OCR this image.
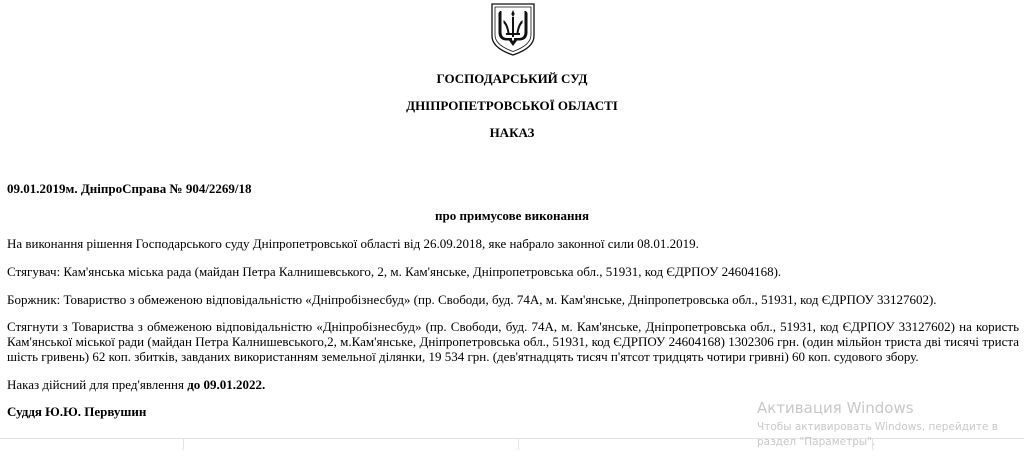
ГОСПОДАРСЬКИЙ СУД
ДНІПРОПЕТРОВСЬКОЇ ОБЛАСТІ
НАКАЗ
09.01.2019м. ДніпроСправа № 904/2269/18
про примусове виконання
На виконання рішення Господарського суду Дніпропетровської області від 26.09.2018, яке набрало законної сили 08.01.2019.
Стягувач: Кам'янська міська рада (майдан Петра Калнишевського, 2, м. Кам'янське, Дніпропетровська обл., 51931, код ЄДРПОУ 24604168).
Боржник: Товариство з обмеженою відповідальністю «Дніпробізнесбуд» (пр. Свободи, буд. 74А, м. Кам'янське, Дніпропетровська обл., 51931, код ЄДРПОУ 33127602).
Стягнути з Товариства з обмеженою відповідальністю «Дніпробізнесбуд» (пр. Свободи, буд. 74А, м. Кам'янське, Дніпропетровська обл., 51931, код ЄДРПОУ 33127602) на користь Кам'янської міської ради (майдан Петра Калнишевського,2, м.Кам'янське, Дніпропетровська обл., 51931, код ЄДРПОУ 24604168) 1302306 грн. (один мільйон триста дві тисячі триста шість гривень) 62 коп. збитків, завданих використанням земельної ділянки, 19 534 грн. (дев'ятнадцять тисяч п'ятсот тридцять чотири гривні) 60 коп. судового збору.
Наказ дійсний для пред'явлення до 09.01.2022.
Суддя Ю.Ю. Первушин	Активация Windows
Чтобы активировать Windows, перейдите в
раздел "Параметры".
